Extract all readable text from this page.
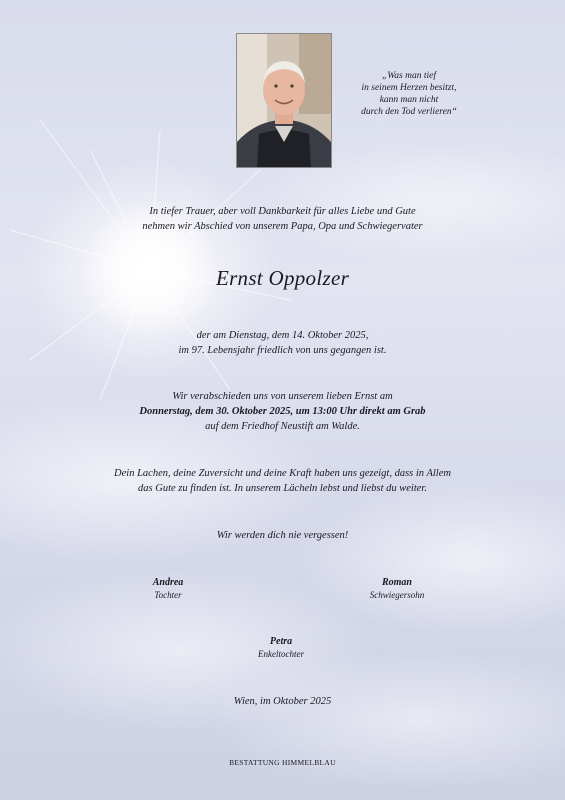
„Was man tief
in seinem Herzen besitzt,
kann man nicht
durch den Tod verlieren“
In tiefer Trauer, aber voll Dankbarkeit für alles Liebe und Gute
nehmen wir Abschied von unserem Papa, Opa und Schwiegervater
Ernst Oppolzer
der am Dienstag, dem 14. Oktober 2025,
im 97. Lebensjahr friedlich von uns gegangen ist.
Wir verabschieden uns von unserem lieben Ernst am
Donnerstag, dem 30. Oktober 2025, um 13:00 Uhr direkt am Grab
auf dem Friedhof Neustift am Walde.
Dein Lachen, deine Zuversicht und deine Kraft haben uns gezeigt, dass in Allem
das Gute zu finden ist. In unserem Lächeln lebst und liebst du weiter.
Wir werden dich nie vergessen!
Andrea
Tochter
Roman
Schwiegersohn
Petra
Enkeltochter
Wien, im Oktober 2025
BESTATTUNG HIMMELBLAU
